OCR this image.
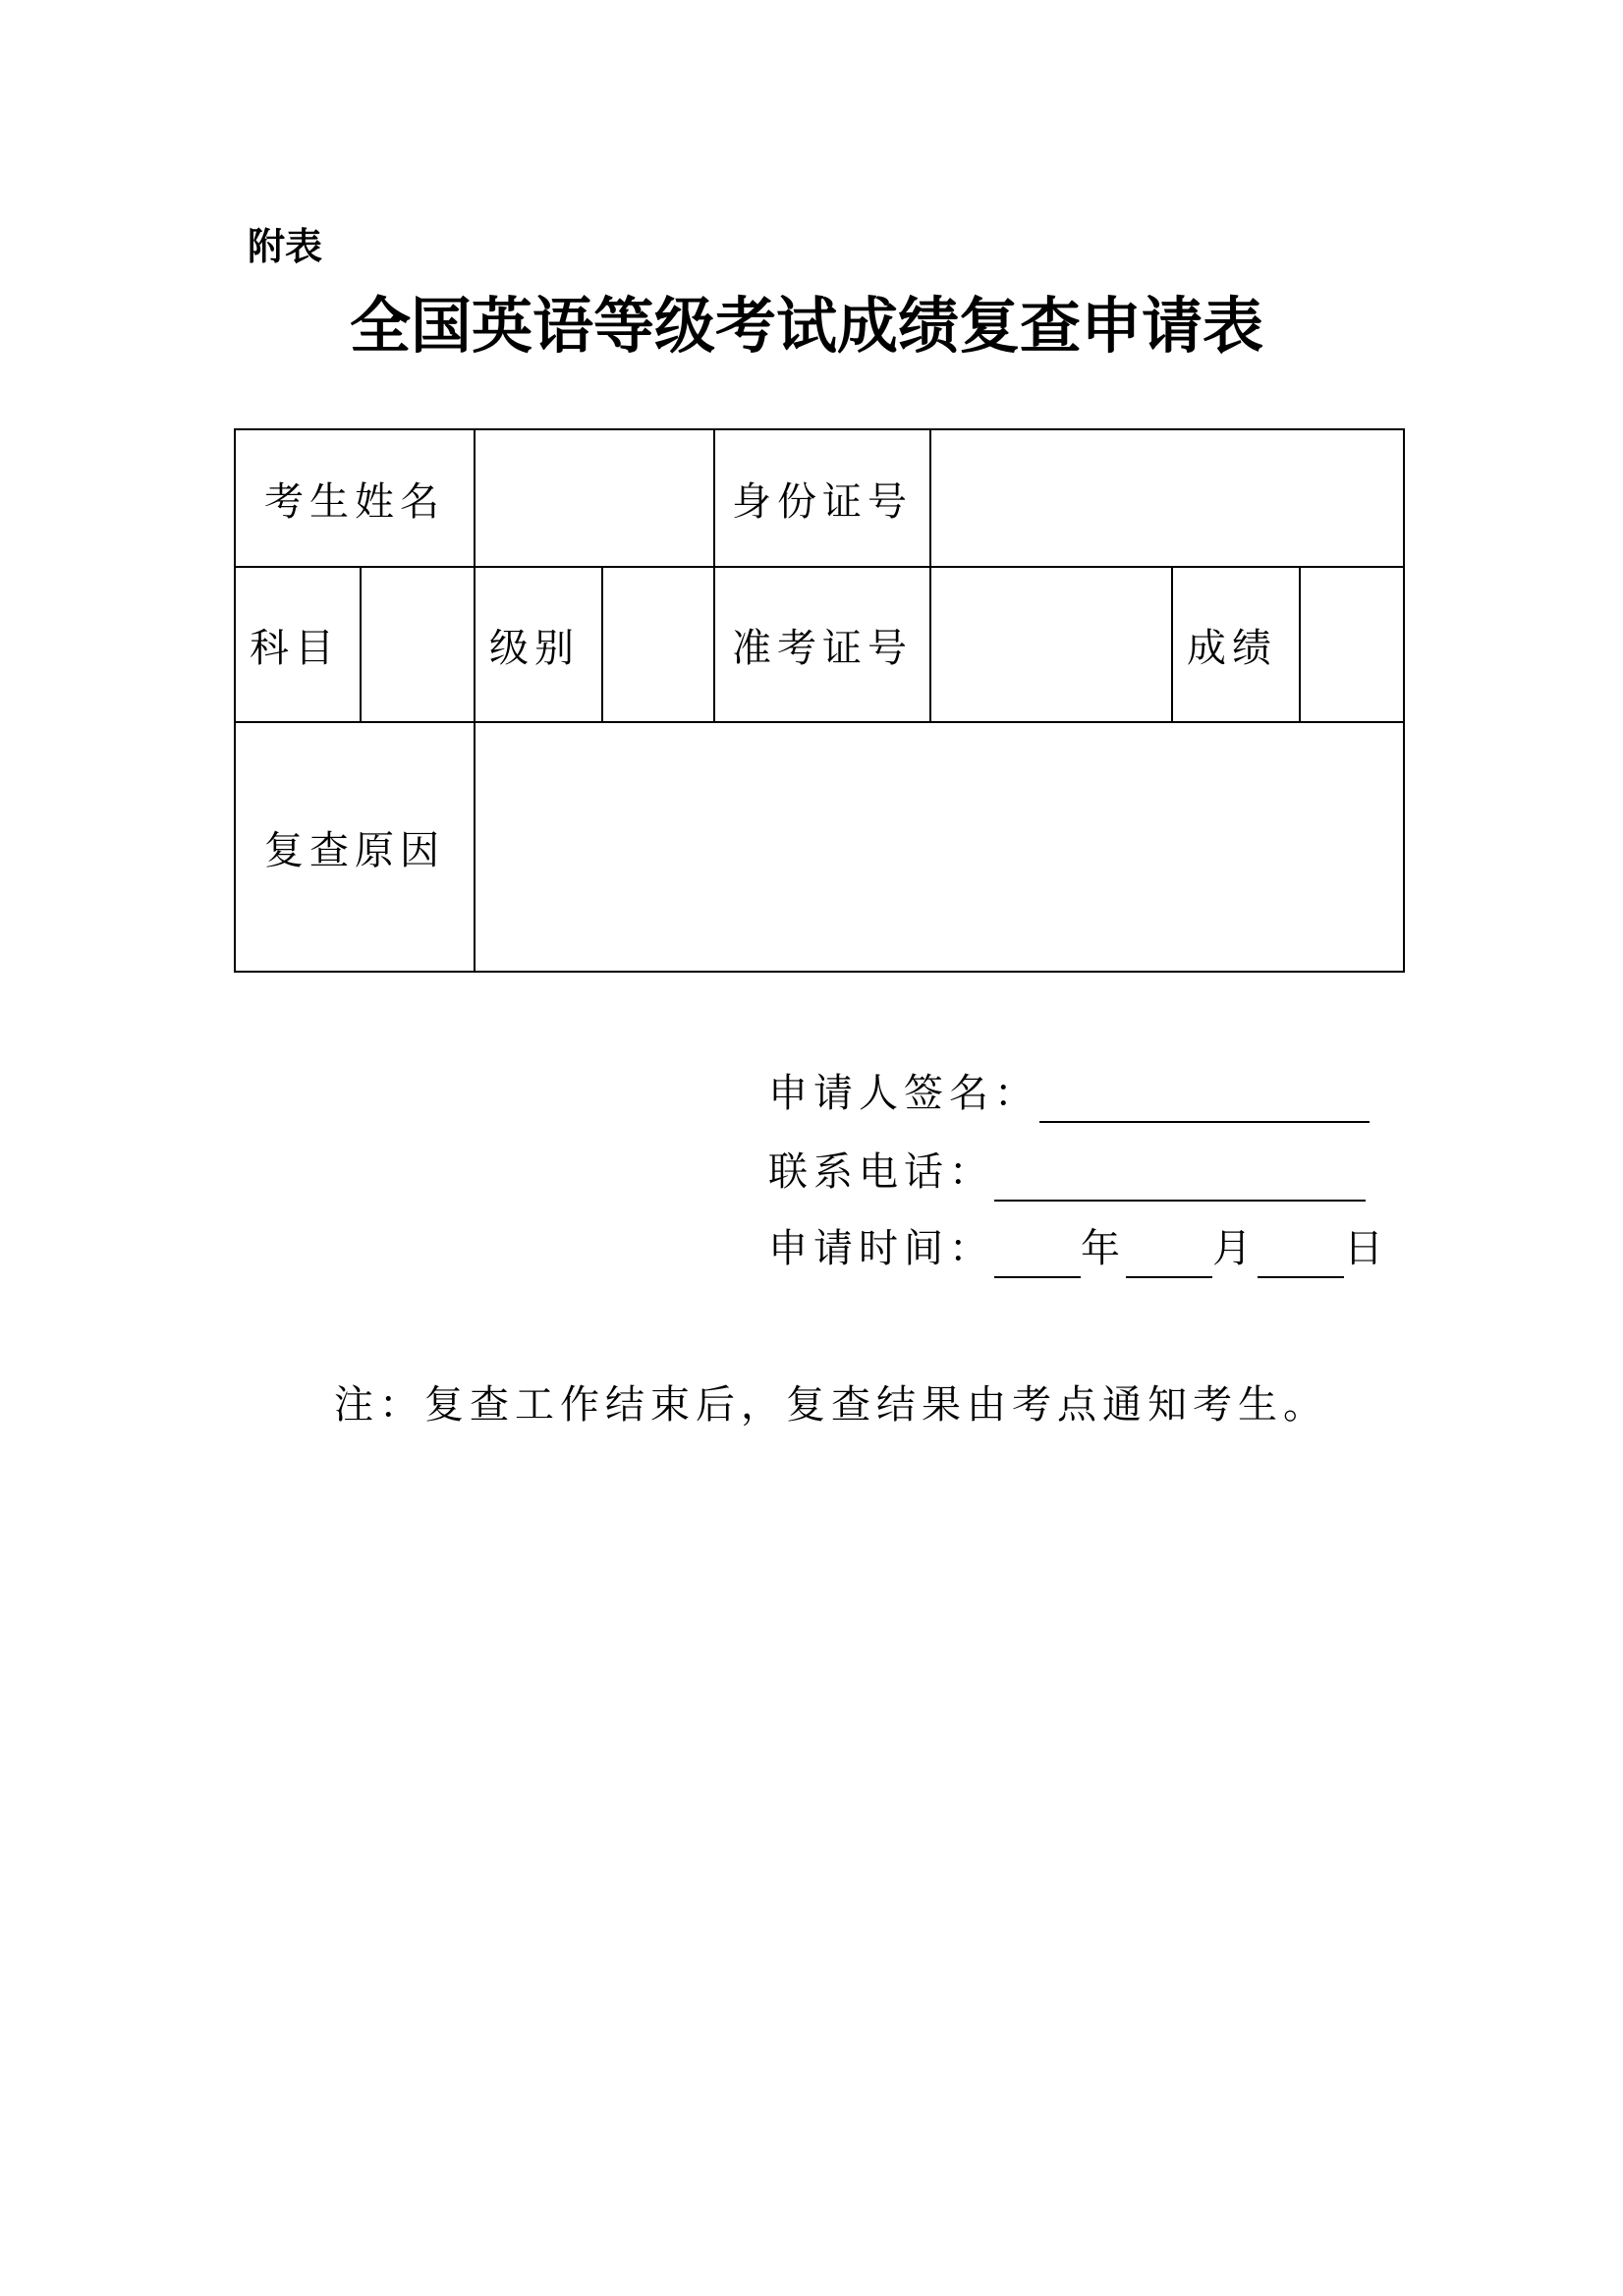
附表
全国英语等级考试成绩复查申请表
考生姓名				身份证号			
科目		级别		准考证号		成绩	
复查原因							
申请人签名：
联系电话：
申请时间： 年 月 日
注：复查工作结束后，复查结果由考点通知考生。
